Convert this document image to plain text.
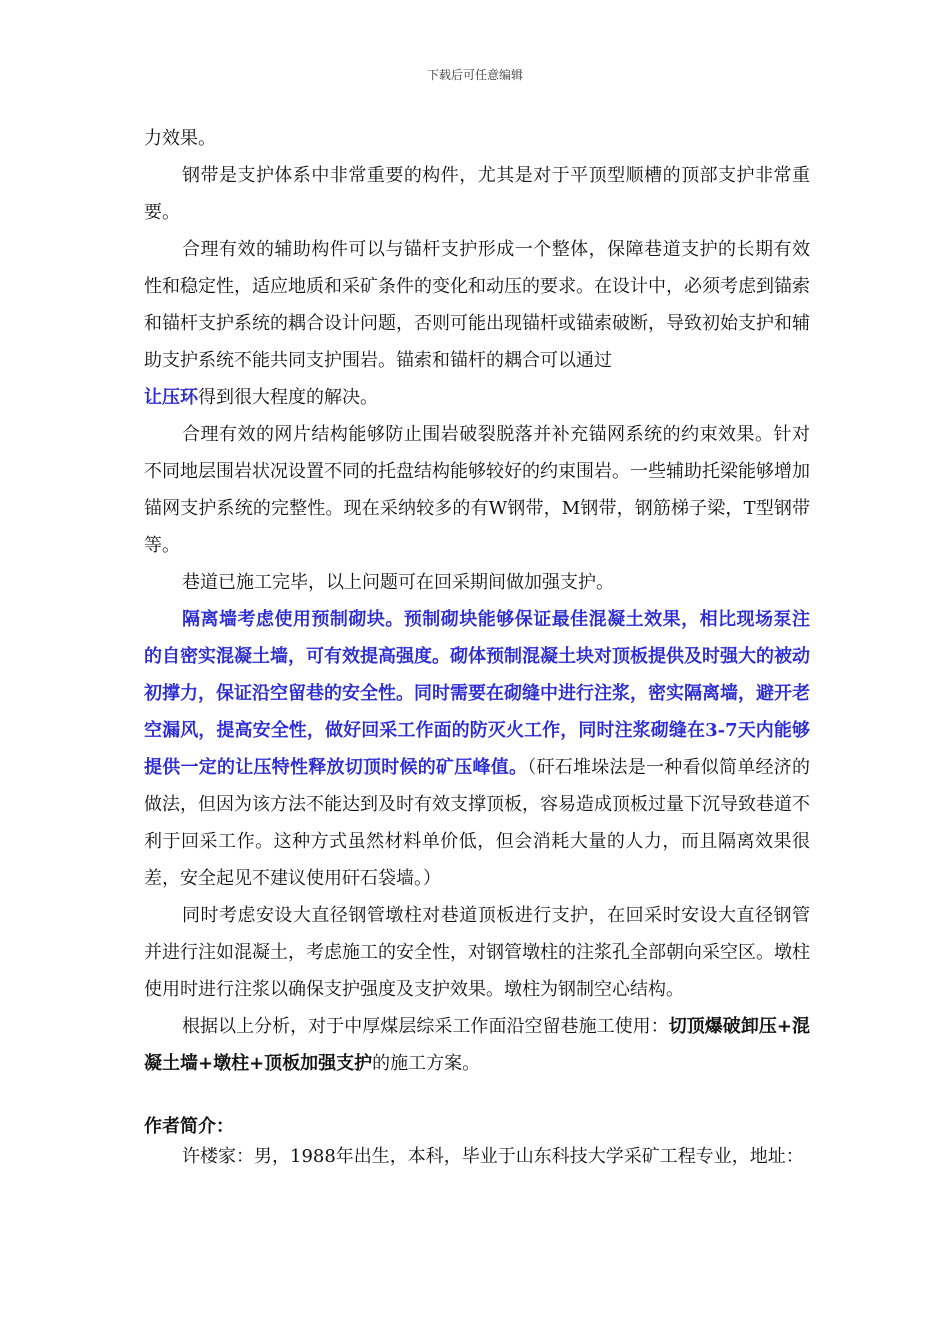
下载后可任意编辑

力效果。

钢带是支护体系中非常重要的构件，尤其是对于平顶型顺槽的顶部支护非常重要。

合理有效的辅助构件可以与锚杆支护形成一个整体，保障巷道支护的长期有效性和稳定性，适应地质和采矿条件的变化和动压的要求。在设计中，必须考虑到锚索和锚杆支护系统的耦合设计问题，否则可能出现锚杆或锚索破断，导致初始支护和辅助支护系统不能共同支护围岩。锚索和锚杆的耦合可以通过
让压环得到很大程度的解决。

合理有效的网片结构能够防止围岩破裂脱落并补充锚网系统的约束效果。针对不同地层围岩状况设置不同的托盘结构能够较好的约束围岩。一些辅助托梁能够增加锚网支护系统的完整性。现在采纳较多的有W钢带，M钢带，钢筋梯子梁，T型钢带等。

巷道已施工完毕，以上问题可在回采期间做加强支护。

隔离墙考虑使用预制砌块。预制砌块能够保证最佳混凝土效果，相比现场泵注的自密实混凝土墙，可有效提高强度。砌体预制混凝土块对顶板提供及时强大的被动初撑力，保证沿空留巷的安全性。同时需要在砌缝中进行注浆，密实隔离墙，避开老空漏风，提高安全性，做好回采工作面的防灭火工作，同时注浆砌缝在3-7天内能够提供一定的让压特性释放切顶时候的矿压峰值。（矸石堆垛法是一种看似简单经济的做法，但因为该方法不能达到及时有效支撑顶板，容易造成顶板过量下沉导致巷道不利于回采工作。这种方式虽然材料单价低，但会消耗大量的人力，而且隔离效果很差，安全起见不建议使用矸石袋墙。）

同时考虑安设大直径钢管墩柱对巷道顶板进行支护，在回采时安设大直径钢管并进行注如混凝土，考虑施工的安全性，对钢管墩柱的注浆孔全部朝向采空区。墩柱使用时进行注浆以确保支护强度及支护效果。墩柱为钢制空心结构。

根据以上分析，对于中厚煤层综采工作面沿空留巷施工使用：切顶爆破卸压+混凝土墙+墩柱+顶板加强支护的施工方案。

作者简介：

许楼家：男，1988年出生，本科，毕业于山东科技大学采矿工程专业，地址：
